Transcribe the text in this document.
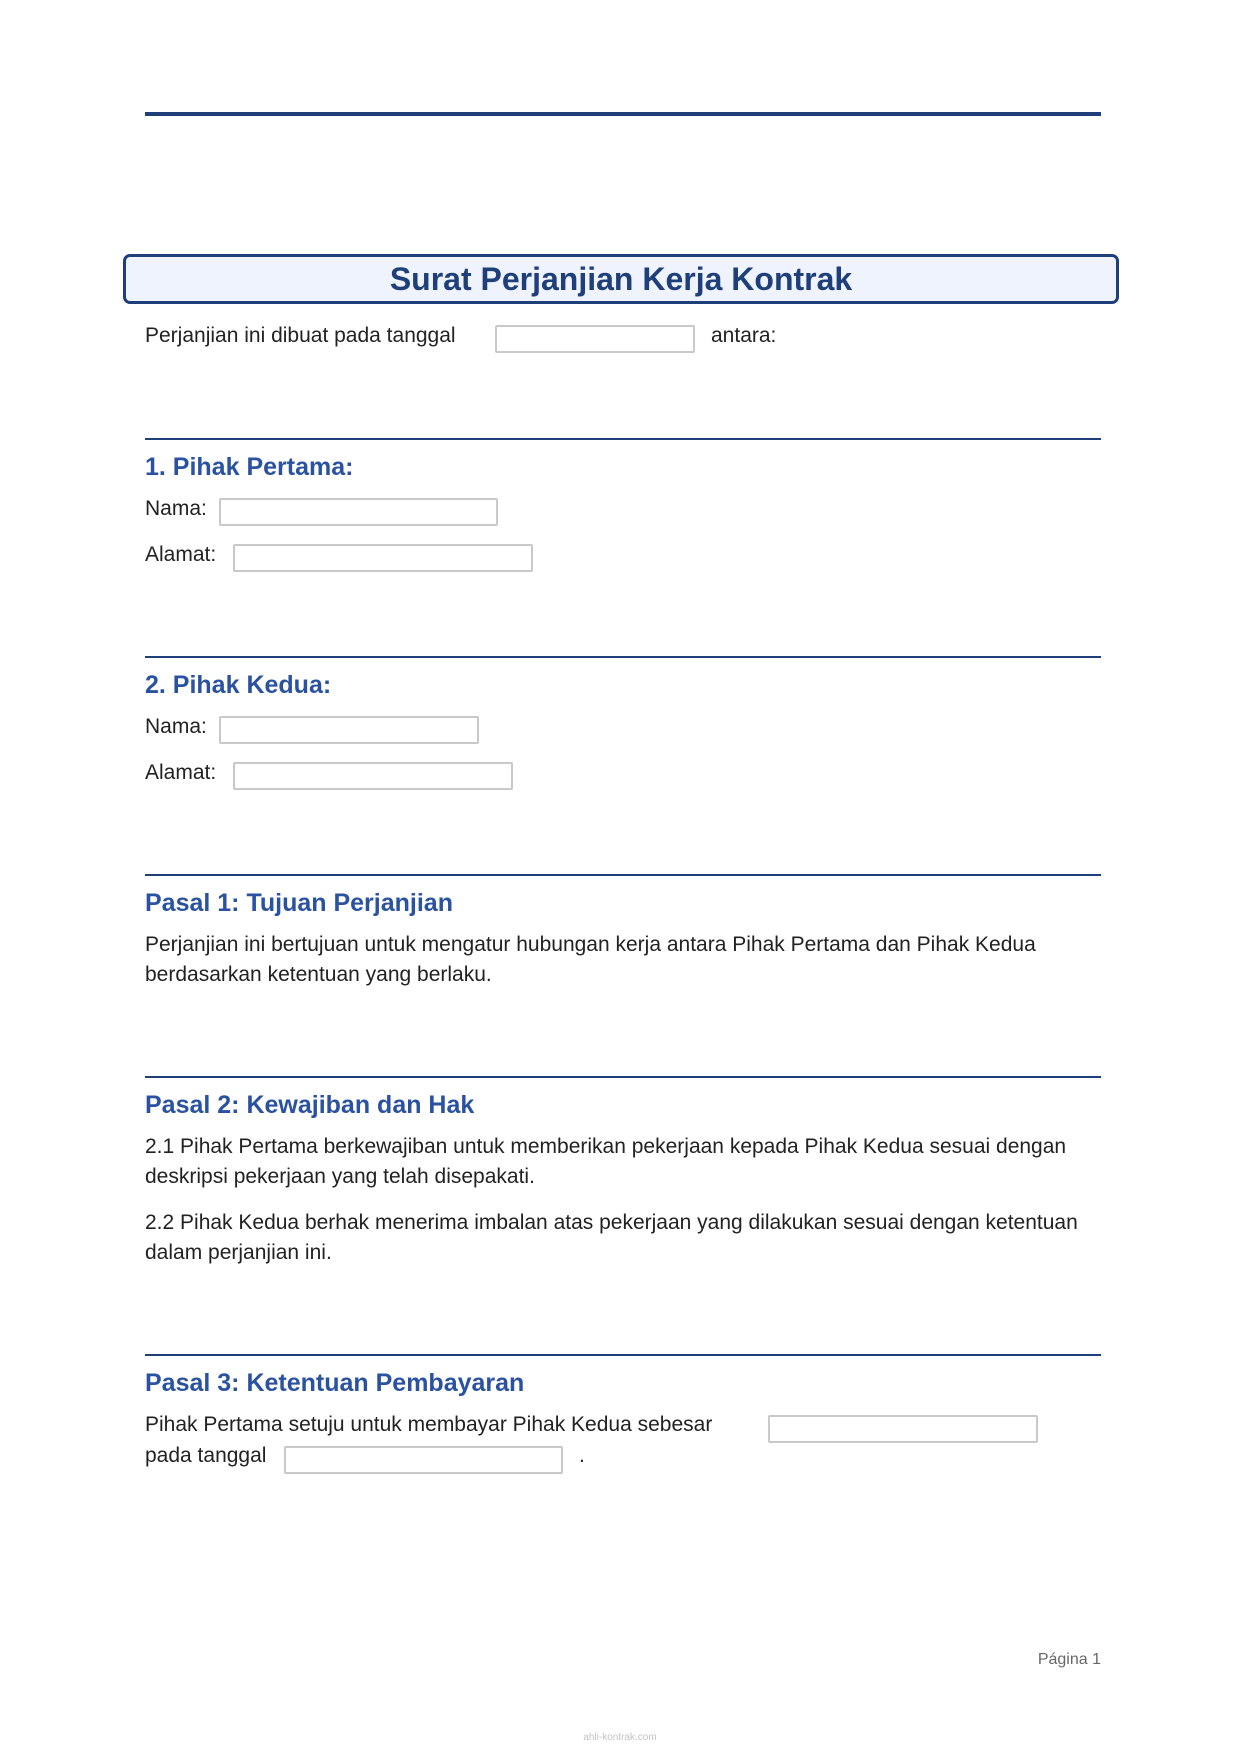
Surat Perjanjian Kerja Kontrak
Perjanjian ini dibuat pada tanggal	antara:
1. Pihak Pertama:
Nama:
Alamat:
2. Pihak Kedua:
Nama:
Alamat:
Pasal 1: Tujuan Perjanjian

Perjanjian ini bertujuan untuk mengatur hubungan kerja antara Pihak Pertama dan Pihak Kedua berdasarkan ketentuan yang berlaku.

Pasal 2: Kewajiban dan Hak

2.1 Pihak Pertama berkewajiban untuk memberikan pekerjaan kepada Pihak Kedua sesuai dengan deskripsi pekerjaan yang telah disepakati.

2.2 Pihak Kedua berhak menerima imbalan atas pekerjaan yang dilakukan sesuai dengan ketentuan dalam perjanjian ini.

Pasal 3: Ketentuan Pembayaran
Pihak Pertama setuju untuk membayar Pihak Kedua sebesar
pada tanggal	.
Página 1
ahli-kontrak.com
